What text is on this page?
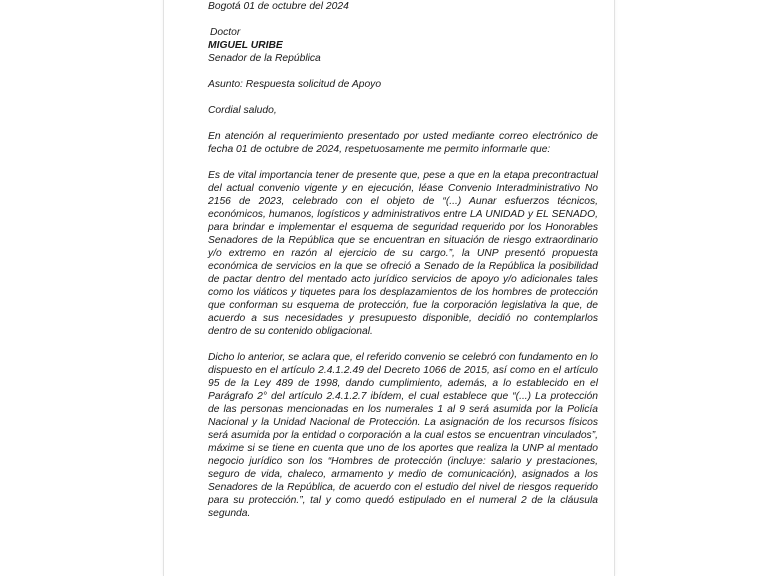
Bogotá 01 de octubre del 2024

Doctor
MIGUEL URIBE
Senador de la República

Asunto: Respuesta solicitud de Apoyo

Cordial saludo,

En atención al requerimiento presentado por usted mediante correo electrónico de fecha 01 de octubre de 2024, respetuosamente me permito informarle que:

Es de vital importancia tener de presente que, pese a que en la etapa precontractual del actual convenio vigente y en ejecución, léase Convenio Interadministrativo No 2156 de 2023, celebrado con el objeto de “(...) Aunar esfuerzos técnicos, económicos, humanos, logísticos y administrativos entre LA UNIDAD y EL SENADO, para brindar e implementar el esquema de seguridad requerido por los Honorables Senadores de la República que se encuentran en situación de riesgo extraordinario y/o extremo en razón al ejercicio de su cargo.”, la UNP presentó propuesta económica de servicios en la que se ofreció a Senado de la República la posibilidad de pactar dentro del mentado acto jurídico servicios de apoyo y/o adicionales tales como los viáticos y tiquetes para los desplazamientos de los hombres de protección que conforman su esquema de protección, fue la corporación legislativa la que, de acuerdo a sus necesidades y presupuesto disponible, decidió no contemplarlos dentro de su contenido obligacional.

Dicho lo anterior, se aclara que, el referido convenio se celebró con fundamento en lo dispuesto en el artículo 2.4.1.2.49 del Decreto 1066 de 2015, así como en el artículo 95 de la Ley 489 de 1998, dando cumplimiento, además, a lo establecido en el Parágrafo 2° del artículo 2.4.1.2.7 ibídem, el cual establece que “(...) La protección de las personas mencionadas en los numerales 1 al 9 será asumida por la Policía Nacional y la Unidad Nacional de Protección. La asignación de los recursos físicos será asumida por la entidad o corporación a la cual estos se encuentran vinculados”, máxime si se tiene en cuenta que uno de los aportes que realiza la UNP al mentado negocio jurídico son los “Hombres de protección (incluye: salario y prestaciones, seguro de vida, chaleco, armamento y medio de comunicación), asignados a los Senadores de la República, de acuerdo con el estudio del nivel de riesgos requerido para su protección.”, tal y como quedó estipulado en el numeral 2 de la cláusula segunda.
